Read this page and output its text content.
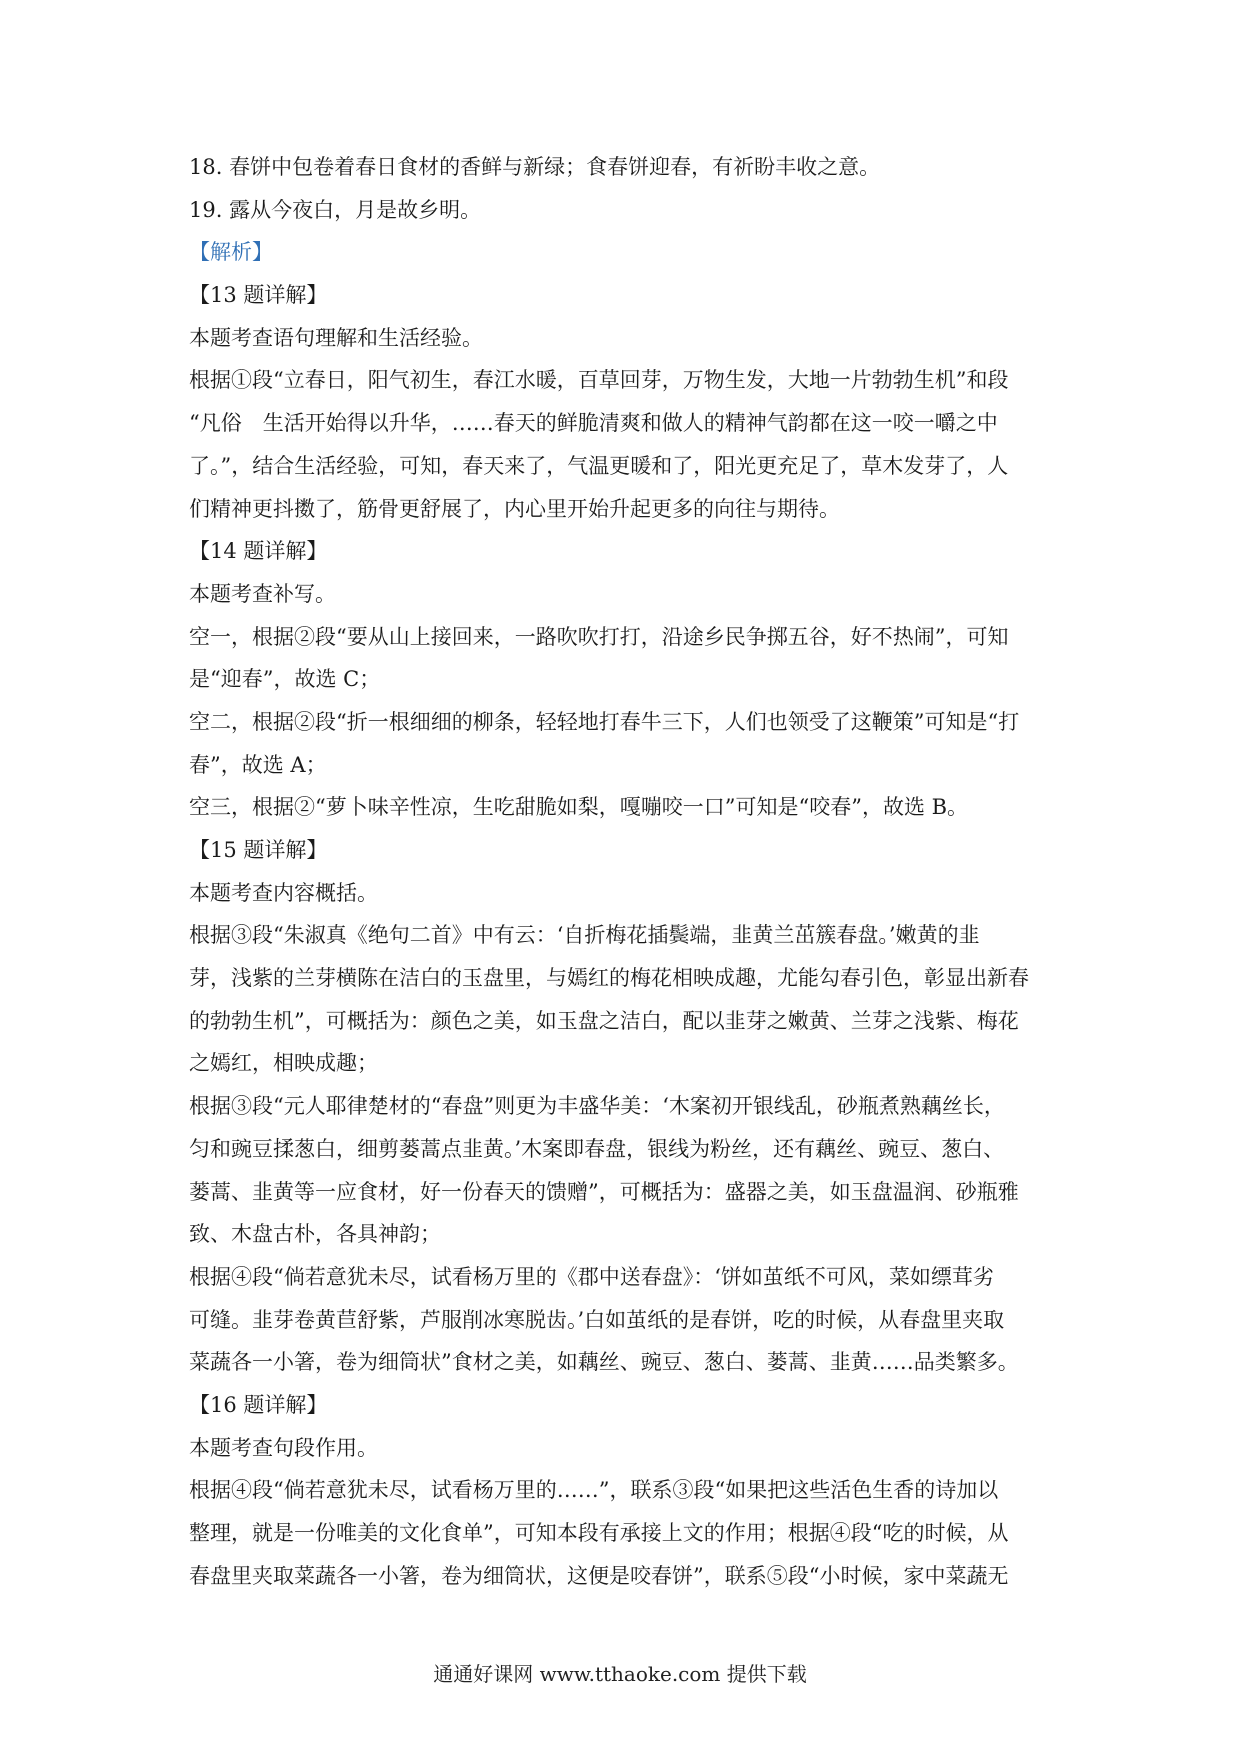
18. 春饼中包卷着春日食材的香鲜与新绿；食春饼迎春，有祈盼丰收之意。
19. 露从今夜白，月是故乡明。
【解析】
【13 题详解】
本题考查语句理解和生活经验。
根据①段“立春日，阳气初生，春江水暖，百草回芽，万物生发，大地一片勃勃生机”和段
“凡俗　生活开始得以升华，……春天的鲜脆清爽和做人的精神气韵都在这一咬一嚼之中
了。”，结合生活经验，可知，春天来了，气温更暖和了，阳光更充足了，草木发芽了，人
们精神更抖擞了，筋骨更舒展了，内心里开始升起更多的向往与期待。
【14 题详解】
本题考查补写。
空一，根据②段“要从山上接回来，一路吹吹打打，沿途乡民争掷五谷，好不热闹”，可知
是“迎春”，故选 C；
空二，根据②段“折一根细细的柳条，轻轻地打春牛三下，人们也领受了这鞭策”可知是“打
春”，故选 A；
空三，根据②“萝卜味辛性凉，生吃甜脆如梨，嘎嘣咬一口”可知是“咬春”，故选 B。
【15 题详解】
本题考查内容概括。
根据③段“朱淑真《绝句二首》中有云：‘自折梅花插鬓端，韭黄兰茁簇春盘。’嫩黄的韭
芽，浅紫的兰芽横陈在洁白的玉盘里，与嫣红的梅花相映成趣，尤能勾春引色，彰显出新春
的勃勃生机”，可概括为：颜色之美，如玉盘之洁白，配以韭芽之嫩黄、兰芽之浅紫、梅花
之嫣红，相映成趣；
根据③段“元人耶律楚材的“春盘”则更为丰盛华美：‘木案初开银线乱，砂瓶煮熟藕丝长，
匀和豌豆揉葱白，细剪蒌蒿点韭黄。’木案即春盘，银线为粉丝，还有藕丝、豌豆、葱白、
蒌蒿、韭黄等一应食材，好一份春天的馈赠”，可概括为：盛器之美，如玉盘温润、砂瓶雅
致、木盘古朴，各具神韵；
根据④段“倘若意犹未尽，试看杨万里的《郡中送春盘》：‘饼如茧纸不可风，菜如缥茸劣
可缝。韭芽卷黄苣舒紫，芦服削冰寒脱齿。’白如茧纸的是春饼，吃的时候，从春盘里夹取
菜蔬各一小箸，卷为细筒状”食材之美，如藕丝、豌豆、葱白、蒌蒿、韭黄……品类繁多。
【16 题详解】
本题考查句段作用。
根据④段“倘若意犹未尽，试看杨万里的……”，联系③段“如果把这些活色生香的诗加以
整理，就是一份唯美的文化食单”，可知本段有承接上文的作用；根据④段“吃的时候，从
春盘里夹取菜蔬各一小箸，卷为细筒状，这便是咬春饼”，联系⑤段“小时候，家中菜蔬无
通通好课网 www.tthaoke.com 提供下载
